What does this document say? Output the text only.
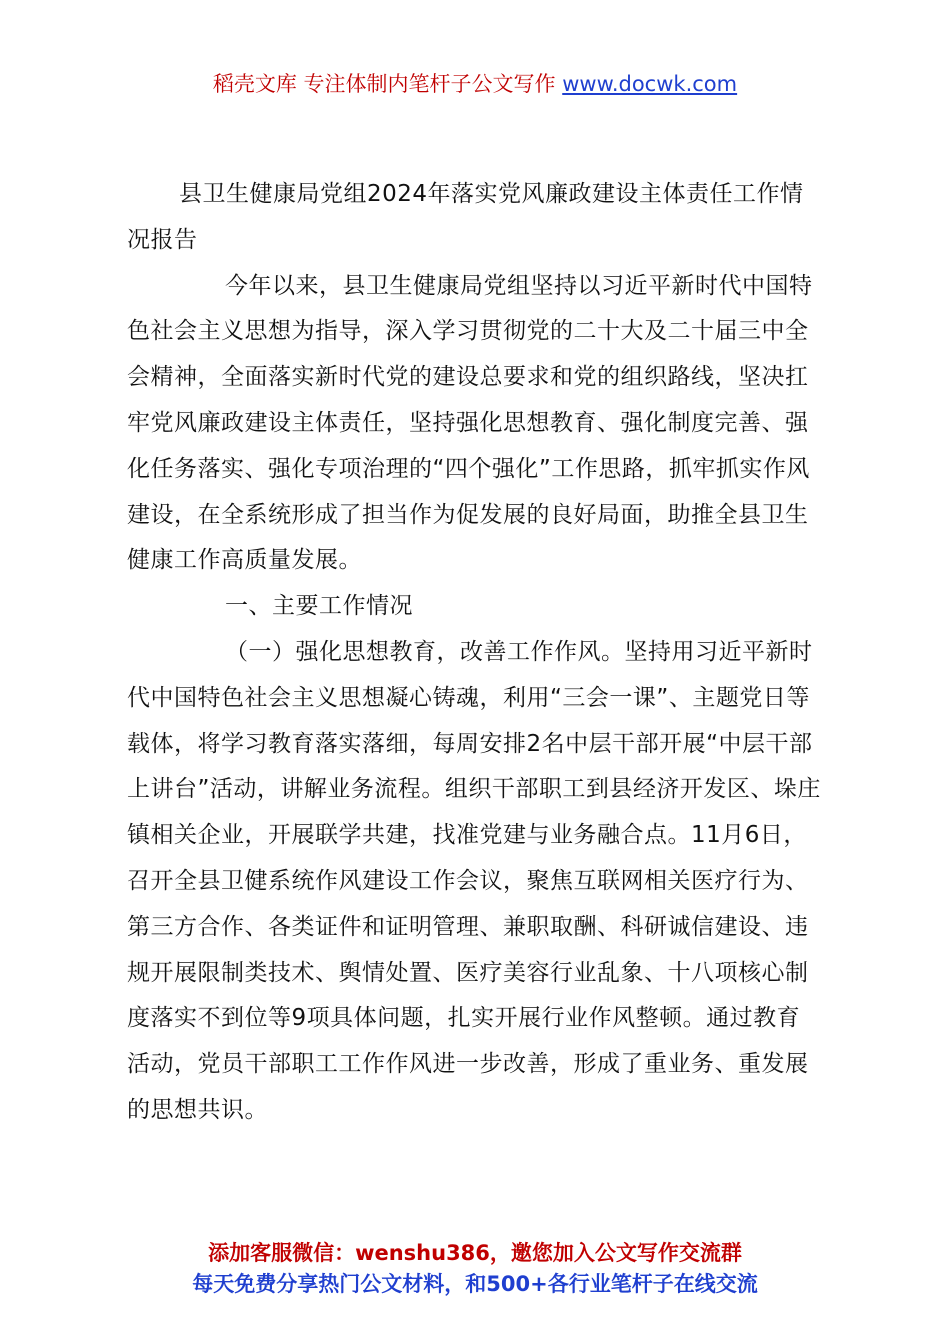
稻壳文库 专注体制内笔杆子公文写作 www.docwk.com

县卫生健康局党组2024年落实党风廉政建设主体责任工作情况报告

今年以来，县卫生健康局党组坚持以习近平新时代中国特色社会主义思想为指导，深入学习贯彻党的二十大及二十届三中全会精神，全面落实新时代党的建设总要求和党的组织路线，坚决扛牢党风廉政建设主体责任，坚持强化思想教育、强化制度完善、强化任务落实、强化专项治理的“四个强化”工作思路，抓牢抓实作风建设，在全系统形成了担当作为促发展的良好局面，助推全县卫生健康工作高质量发展。

一、主要工作情况

（一）强化思想教育，改善工作作风。坚持用习近平新时代中国特色社会主义思想凝心铸魂，利用“三会一课”、主题党日等载体，将学习教育落实落细，每周安排2名中层干部开展“中层干部上讲台”活动，讲解业务流程。组织干部职工到县经济开发区、垛庄镇相关企业，开展联学共建，找准党建与业务融合点。11月6日，召开全县卫健系统作风建设工作会议，聚焦互联网相关医疗行为、第三方合作、各类证件和证明管理、兼职取酬、科研诚信建设、违规开展限制类技术、舆情处置、医疗美容行业乱象、十八项核心制度落实不到位等9项具体问题，扎实开展行业作风整顿。通过教育活动，党员干部职工工作作风进一步改善，形成了重业务、重发展的思想共识。

添加客服微信：wenshu386，邀您加入公文写作交流群
每天免费分享热门公文材料，和500+各行业笔杆子在线交流
